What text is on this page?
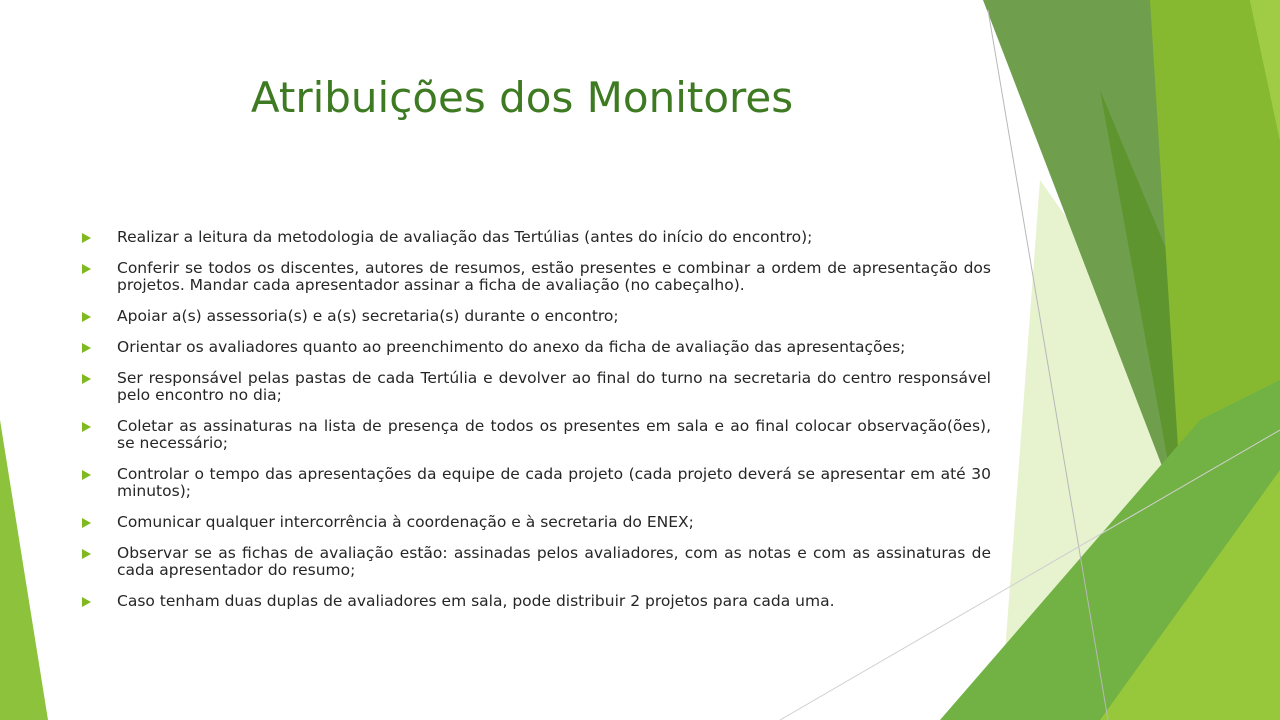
Atribuições dos Monitores
Realizar a leitura da metodologia de avaliação das Tertúlias (antes do início do encontro);
Conferir se todos os discentes, autores de resumos, estão presentes e combinar a ordem de apresentação dos projetos. Mandar cada apresentador assinar a ficha de avaliação (no cabeçalho).
Apoiar a(s) assessoria(s) e a(s) secretaria(s) durante o encontro;
Orientar os avaliadores quanto ao preenchimento do anexo da ficha de avaliação das apresentações;
Ser responsável pelas pastas de cada Tertúlia e devolver ao final do turno na secretaria do centro responsável pelo encontro no dia;
Coletar as assinaturas na lista de presença de todos os presentes em sala e ao final colocar observação(ões), se necessário;
Controlar o tempo das apresentações da equipe de cada projeto (cada projeto deverá se apresentar em até 30 minutos);
Comunicar qualquer intercorrência à coordenação e à secretaria do ENEX;
Observar se as fichas de avaliação estão: assinadas pelos avaliadores, com as notas e com as assinaturas de cada apresentador do resumo;
Caso tenham duas duplas de avaliadores em sala, pode distribuir 2 projetos para cada uma.
